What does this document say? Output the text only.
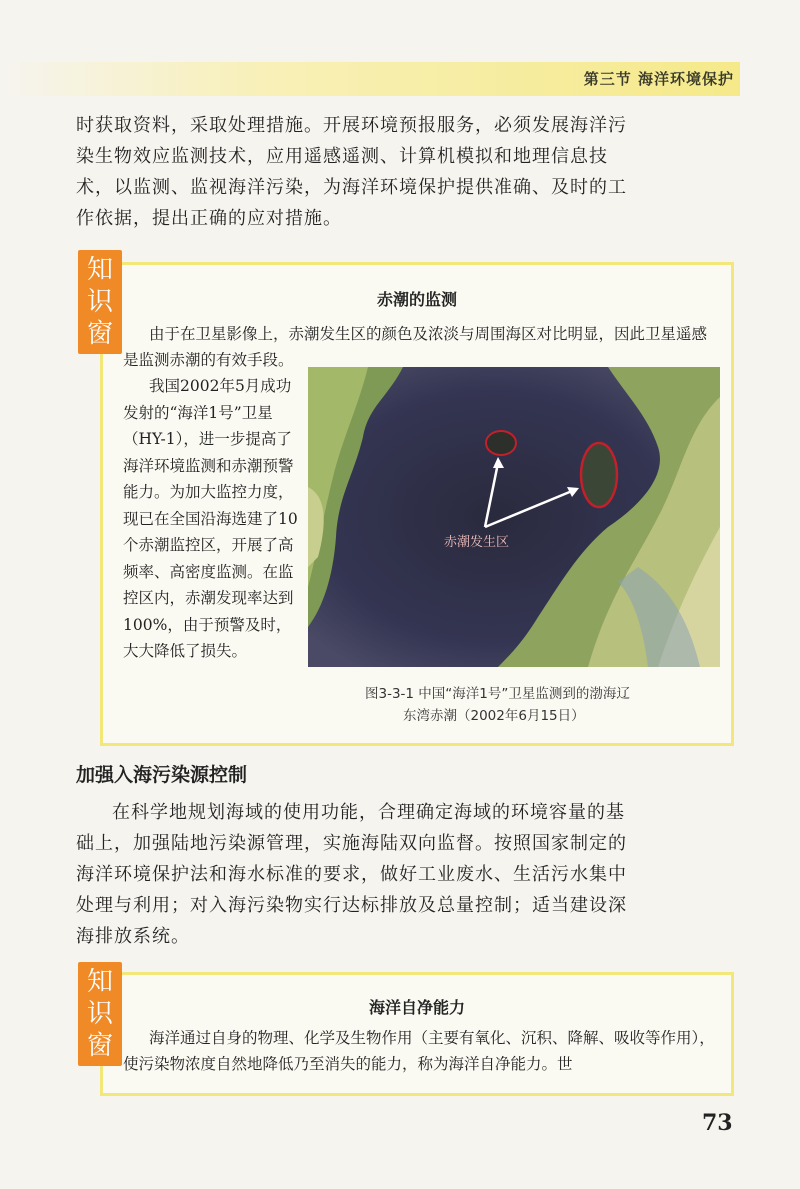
第三节 海洋环境保护

时获取资料，采取处理措施。开展环境预报服务，必须发展海洋污染生物效应监测技术，应用遥感遥测、计算机模拟和地理信息技术，以监测、监视海洋污染，为海洋环境保护提供准确、及时的工作依据，提出正确的应对措施。

赤潮的监测

由于在卫星影像上，赤潮发生区的颜色及浓淡与周围海区对比明显，因此卫星遥感是监测赤潮的有效手段。

我国2002年5月成功发射的“海洋1号”卫星（HY-1），进一步提高了海洋环境监测和赤潮预警能力。为加大监控力度，现已在全国沿海选建了10个赤潮监控区，开展了高频率、高密度监测。在监控区内，赤潮发现率达到100%，由于预警及时，大大降低了损失。

赤潮发生区
图3-3-1 中国“海洋1号”卫星监测到的渤海辽
东湾赤潮（2002年6月15日）
知
识
窗
加强入海污染源控制

在科学地规划海域的使用功能，合理确定海域的环境容量的基础上，加强陆地污染源管理，实施海陆双向监督。按照国家制定的海洋环境保护法和海水标准的要求，做好工业废水、生活污水集中处理与利用；对入海污染物实行达标排放及总量控制；适当建设深海排放系统。

海洋自净能力

海洋通过自身的物理、化学及生物作用（主要有氧化、沉积、降解、吸收等作用），使污染物浓度自然地降低乃至消失的能力，称为海洋自净能力。世

知
识
窗
73
